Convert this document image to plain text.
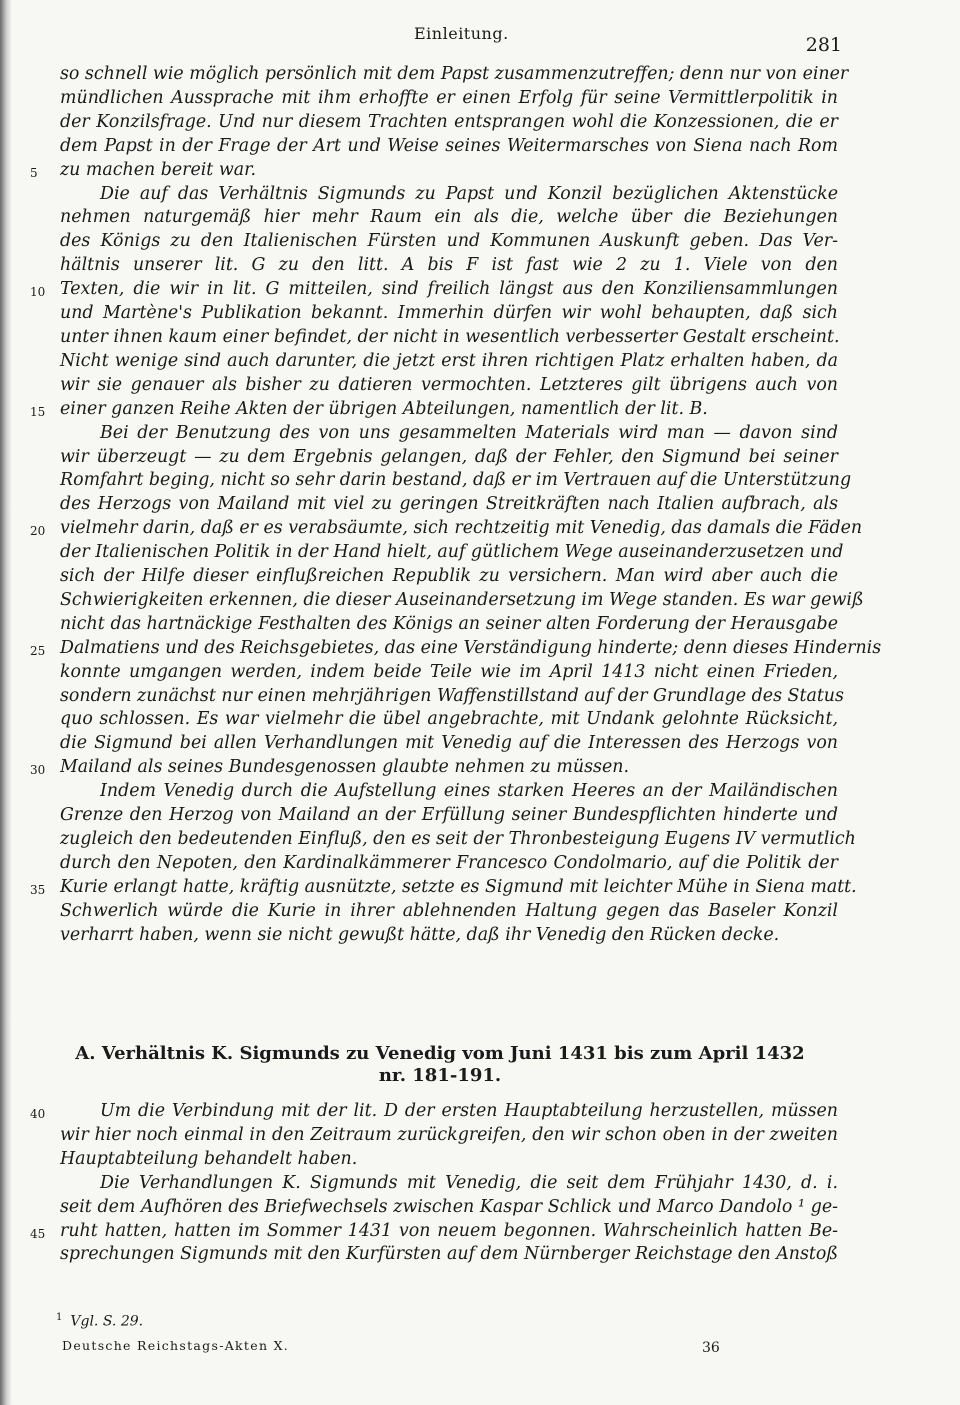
Einleitung.
281
so schnell wie möglich persönlich mit dem Papst zusammenzutreffen; denn nur von einer
mündlichen Aussprache mit ihm erhoffte er einen Erfolg für seine Vermittlerpolitik in
der Konzilsfrage. Und nur diesem Trachten entsprangen wohl die Konzessionen, die er
dem Papst in der Frage der Art und Weise seines Weitermarsches von Siena nach Rom
5	zu machen bereit war.
Die auf das Verhältnis Sigmunds zu Papst und Konzil bezüglichen Aktenstücke
nehmen naturgemäß hier mehr Raum ein als die, welche über die Beziehungen
des Königs zu den Italienischen Fürsten und Kommunen Auskunft geben. Das Ver-
hältnis unserer lit. G zu den litt. A bis F ist fast wie 2 zu 1. Viele von den
10 Texten, die wir in lit. G mitteilen, sind freilich längst aus den Konziliensammlungen
und Martène's Publikation bekannt. Immerhin dürfen wir wohl behaupten, daß sich
unter ihnen kaum einer befindet, der nicht in wesentlich verbesserter Gestalt erscheint.
Nicht wenige sind auch darunter, die jetzt erst ihren richtigen Platz erhalten haben, da
wir sie genauer als bisher zu datieren vermochten. Letzteres gilt übrigens auch von
15 einer ganzen Reihe Akten der übrigen Abteilungen, namentlich der lit. B.
Bei der Benutzung des von uns gesammelten Materials wird man — davon sind
wir überzeugt — zu dem Ergebnis gelangen, daß der Fehler, den Sigmund bei seiner
Romfahrt beging, nicht so sehr darin bestand, daß er im Vertrauen auf die Unterstützung
des Herzogs von Mailand mit viel zu geringen Streitkräften nach Italien aufbrach, als
20 vielmehr darin, daß er es verabsäumte, sich rechtzeitig mit Venedig, das damals die Fäden
der Italienischen Politik in der Hand hielt, auf gütlichem Wege auseinanderzusetzen und
sich der Hilfe dieser einflußreichen Republik zu versichern. Man wird aber auch die
Schwierigkeiten erkennen, die dieser Auseinandersetzung im Wege standen. Es war gewiß
nicht das hartnäckige Festhalten des Königs an seiner alten Forderung der Herausgabe
25 Dalmatiens und des Reichsgebietes, das eine Verständigung hinderte; denn dieses Hindernis
konnte umgangen werden, indem beide Teile wie im April 1413 nicht einen Frieden,
sondern zunächst nur einen mehrjährigen Waffenstillstand auf der Grundlage des Status
quo schlossen. Es war vielmehr die übel angebrachte, mit Undank gelohnte Rücksicht,
die Sigmund bei allen Verhandlungen mit Venedig auf die Interessen des Herzogs von
30 Mailand als seines Bundesgenossen glaubte nehmen zu müssen.
Indem Venedig durch die Aufstellung eines starken Heeres an der Mailändischen
Grenze den Herzog von Mailand an der Erfüllung seiner Bundespflichten hinderte und
zugleich den bedeutenden Einfluß, den es seit der Thronbesteigung Eugens IV vermutlich
durch den Nepoten, den Kardinalkämmerer Francesco Condolmario, auf die Politik der
35 Kurie erlangt hatte, kräftig ausnützte, setzte es Sigmund mit leichter Mühe in Siena matt.
Schwerlich würde die Kurie in ihrer ablehnenden Haltung gegen das Baseler Konzil
verharrt haben, wenn sie nicht gewußt hätte, daß ihr Venedig den Rücken decke.
A. Verhältnis K. Sigmunds zu Venedig vom Juni 1431 bis zum April 1432
nr. 181-191.
40	Um die Verbindung mit der lit. D der ersten Hauptabteilung herzustellen, müssen
wir hier noch einmal in den Zeitraum zurückgreifen, den wir schon oben in der zweiten
Hauptabteilung behandelt haben.
Die Verhandlungen K. Sigmunds mit Venedig, die seit dem Frühjahr 1430, d. i.
seit dem Aufhören des Briefwechsels zwischen Kaspar Schlick und Marco Dandolo ¹ ge-
45 ruht hatten, hatten im Sommer 1431 von neuem begonnen. Wahrscheinlich hatten Be-
sprechungen Sigmunds mit den Kurfürsten auf dem Nürnberger Reichstage den Anstoß
$^1$ Vgl. S. 29.
Deutsche Reichstags-Akten X.	36
